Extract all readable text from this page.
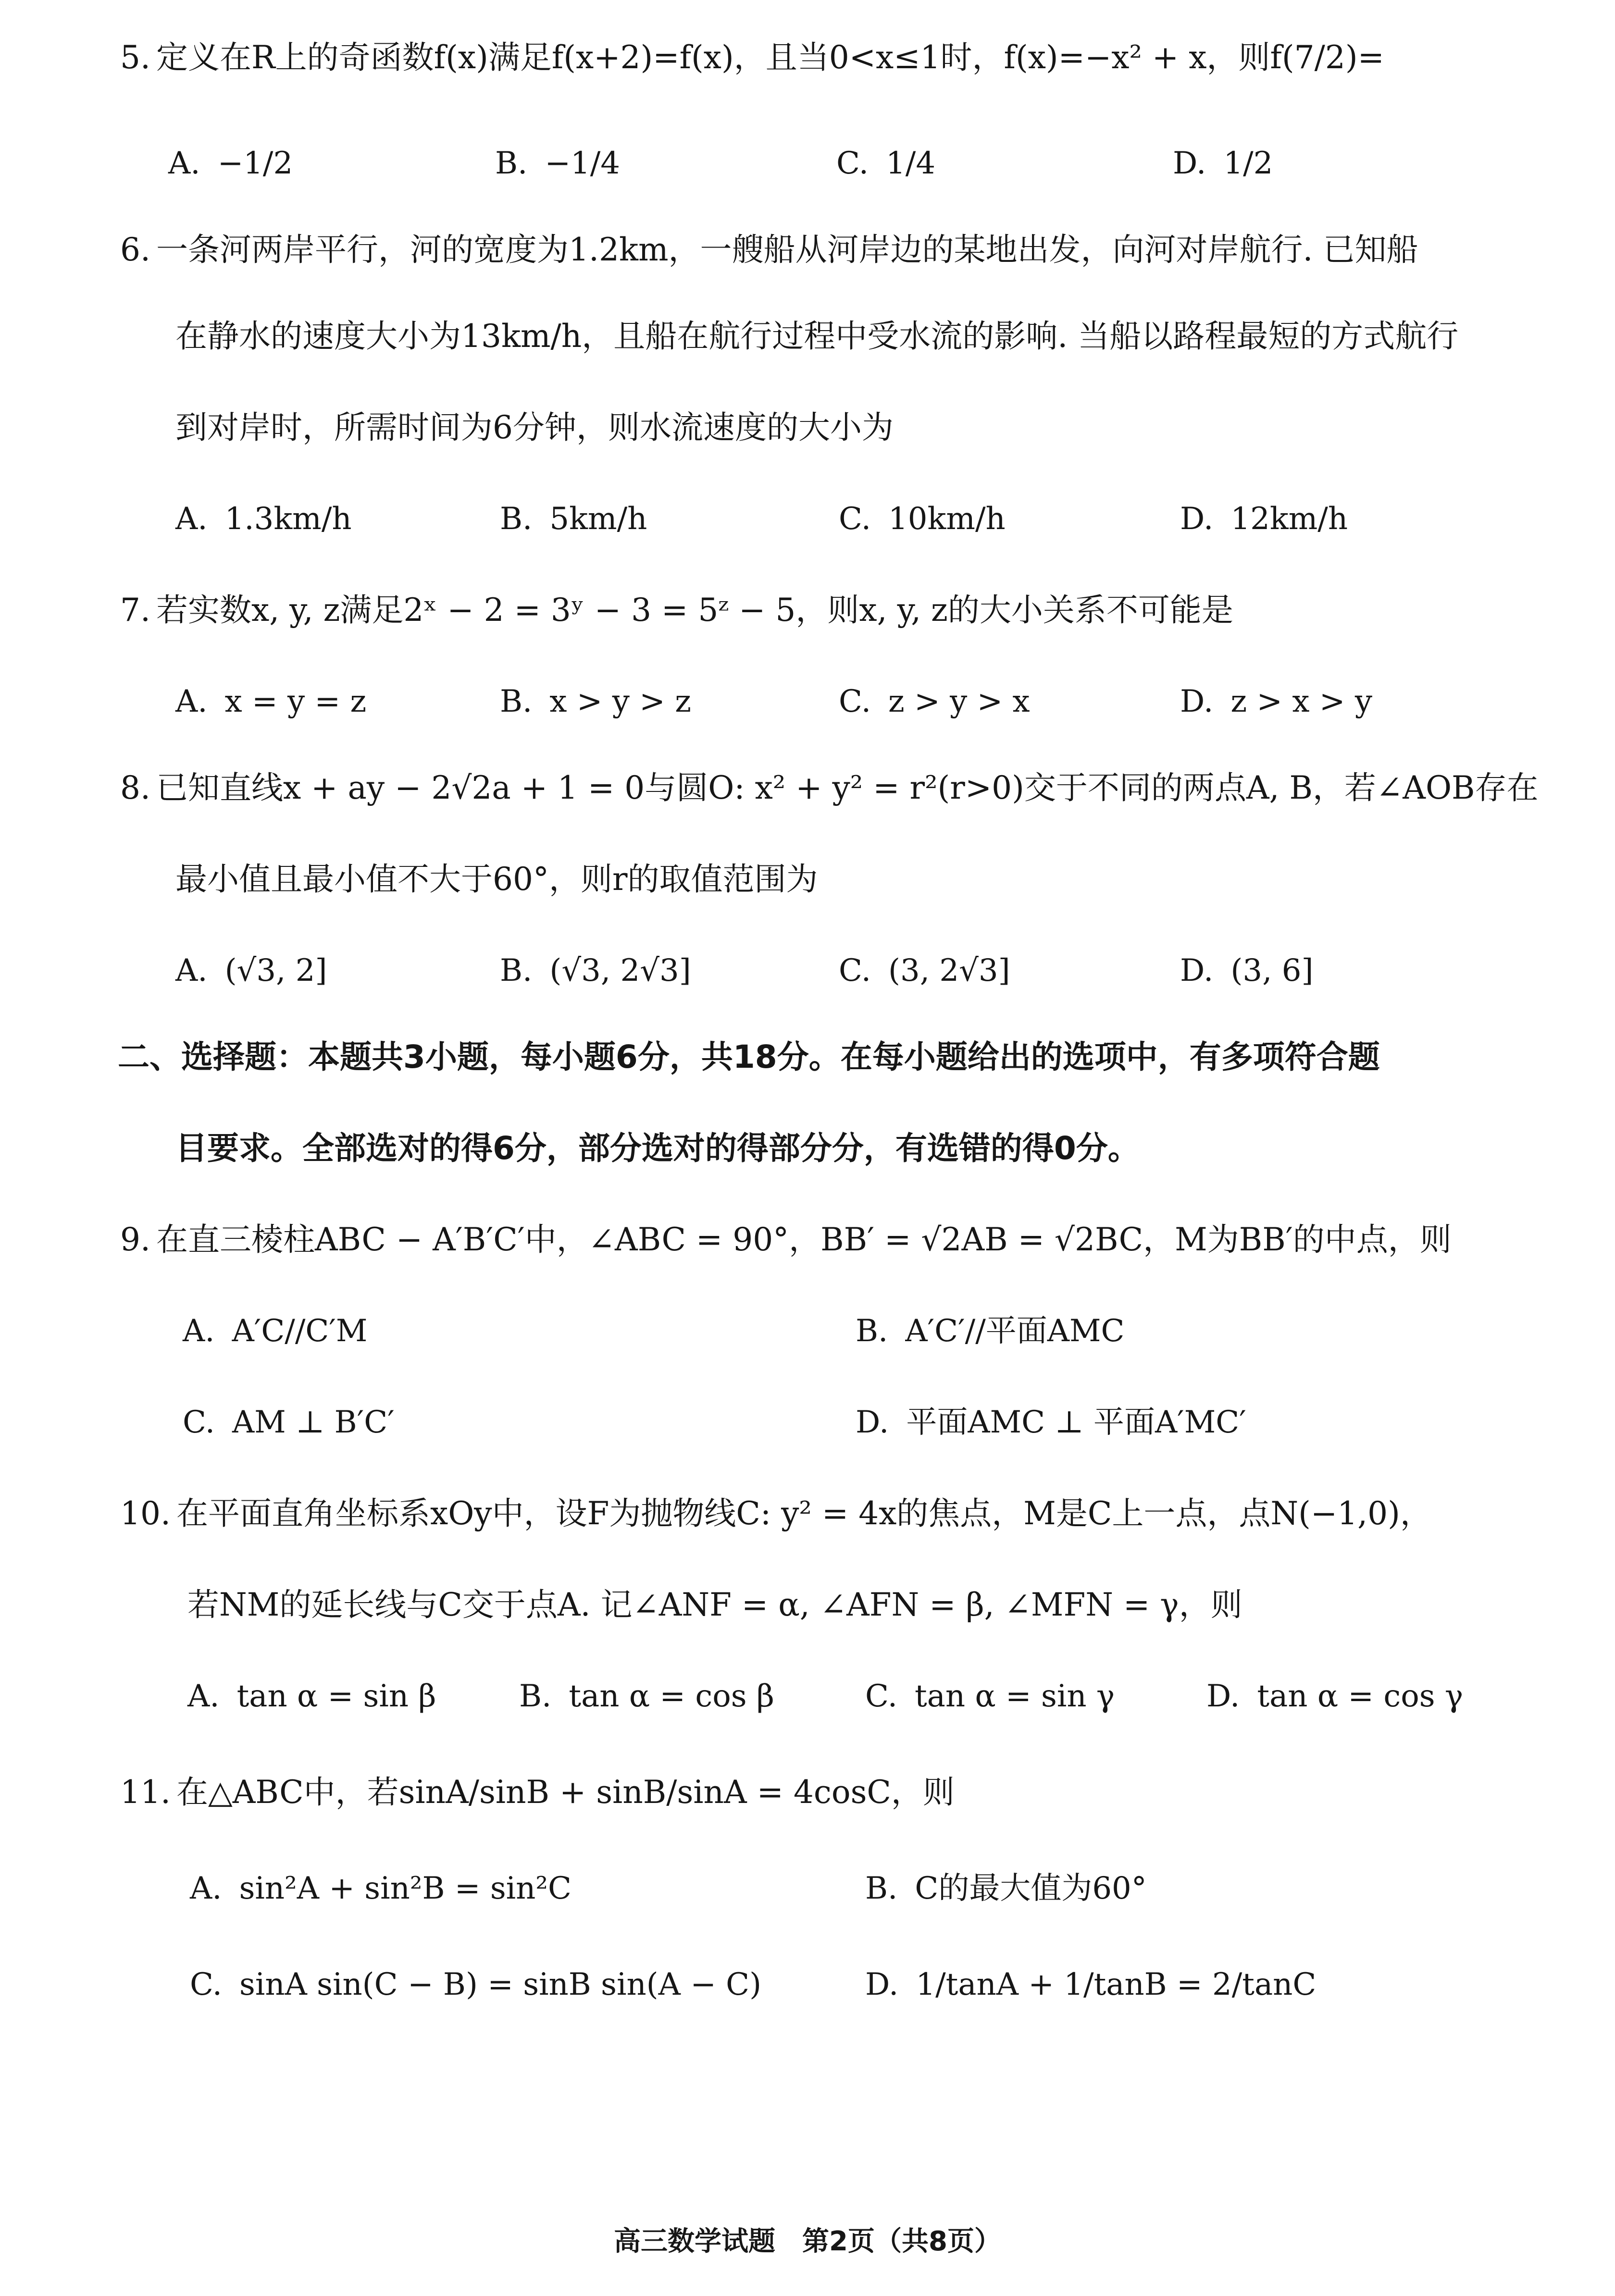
5. 定义在R上的奇函数f(x)满足f(x+2)=f(x)，且当0<x≤1时，f(x)=−x² + x，则f(7/2)=
A. −1/2	B. −1/4	C. 1/4	D. 1/2
6. 一条河两岸平行，河的宽度为1.2km，一艘船从河岸边的某地出发，向河对岸航行. 已知船
在静水的速度大小为13km/h，且船在航行过程中受水流的影响. 当船以路程最短的方式航行
到对岸时，所需时间为6分钟，则水流速度的大小为
A. 1.3km/h	B. 5km/h	C. 10km/h	D. 12km/h
7. 若实数x, y, z满足2ˣ − 2 = 3ʸ − 3 = 5ᶻ − 5，则x, y, z的大小关系不可能是
A. x = y = z	B. x > y > z	C. z > y > x	D. z > x > y
8. 已知直线x + ay − 2√2a + 1 = 0与圆O: x² + y² = r²(r>0)交于不同的两点A, B，若∠AOB存在
最小值且最小值不大于60°，则r的取值范围为
A. (√3, 2]	B. (√3, 2√3]	C. (3, 2√3]	D. (3, 6]
二、选择题：本题共3小题，每小题6分，共18分。在每小题给出的选项中，有多项符合题
目要求。全部选对的得6分，部分选对的得部分分，有选错的得0分。
9. 在直三棱柱ABC − A′B′C′中，∠ABC = 90°，BB′ = √2AB = √2BC，M为BB′的中点，则
A. A′C//C′M	B. A′C′//平面AMC
C. AM ⊥ B′C′	D. 平面AMC ⊥ 平面A′MC′
10. 在平面直角坐标系xOy中，设F为抛物线C: y² = 4x的焦点，M是C上一点，点N(−1,0)，
若NM的延长线与C交于点A. 记∠ANF = α, ∠AFN = β, ∠MFN = γ，则
A. tan α = sin β	B. tan α = cos β	C. tan α = sin γ	D. tan α = cos γ
11. 在△ABC中，若sinA/sinB + sinB/sinA = 4cosC，则
A. sin²A + sin²B = sin²C	B. C的最大值为60°
C. sinA sin(C − B) = sinB sin(A − C)	D. 1/tanA + 1/tanB = 2/tanC
高三数学试题　第2页（共8页）
